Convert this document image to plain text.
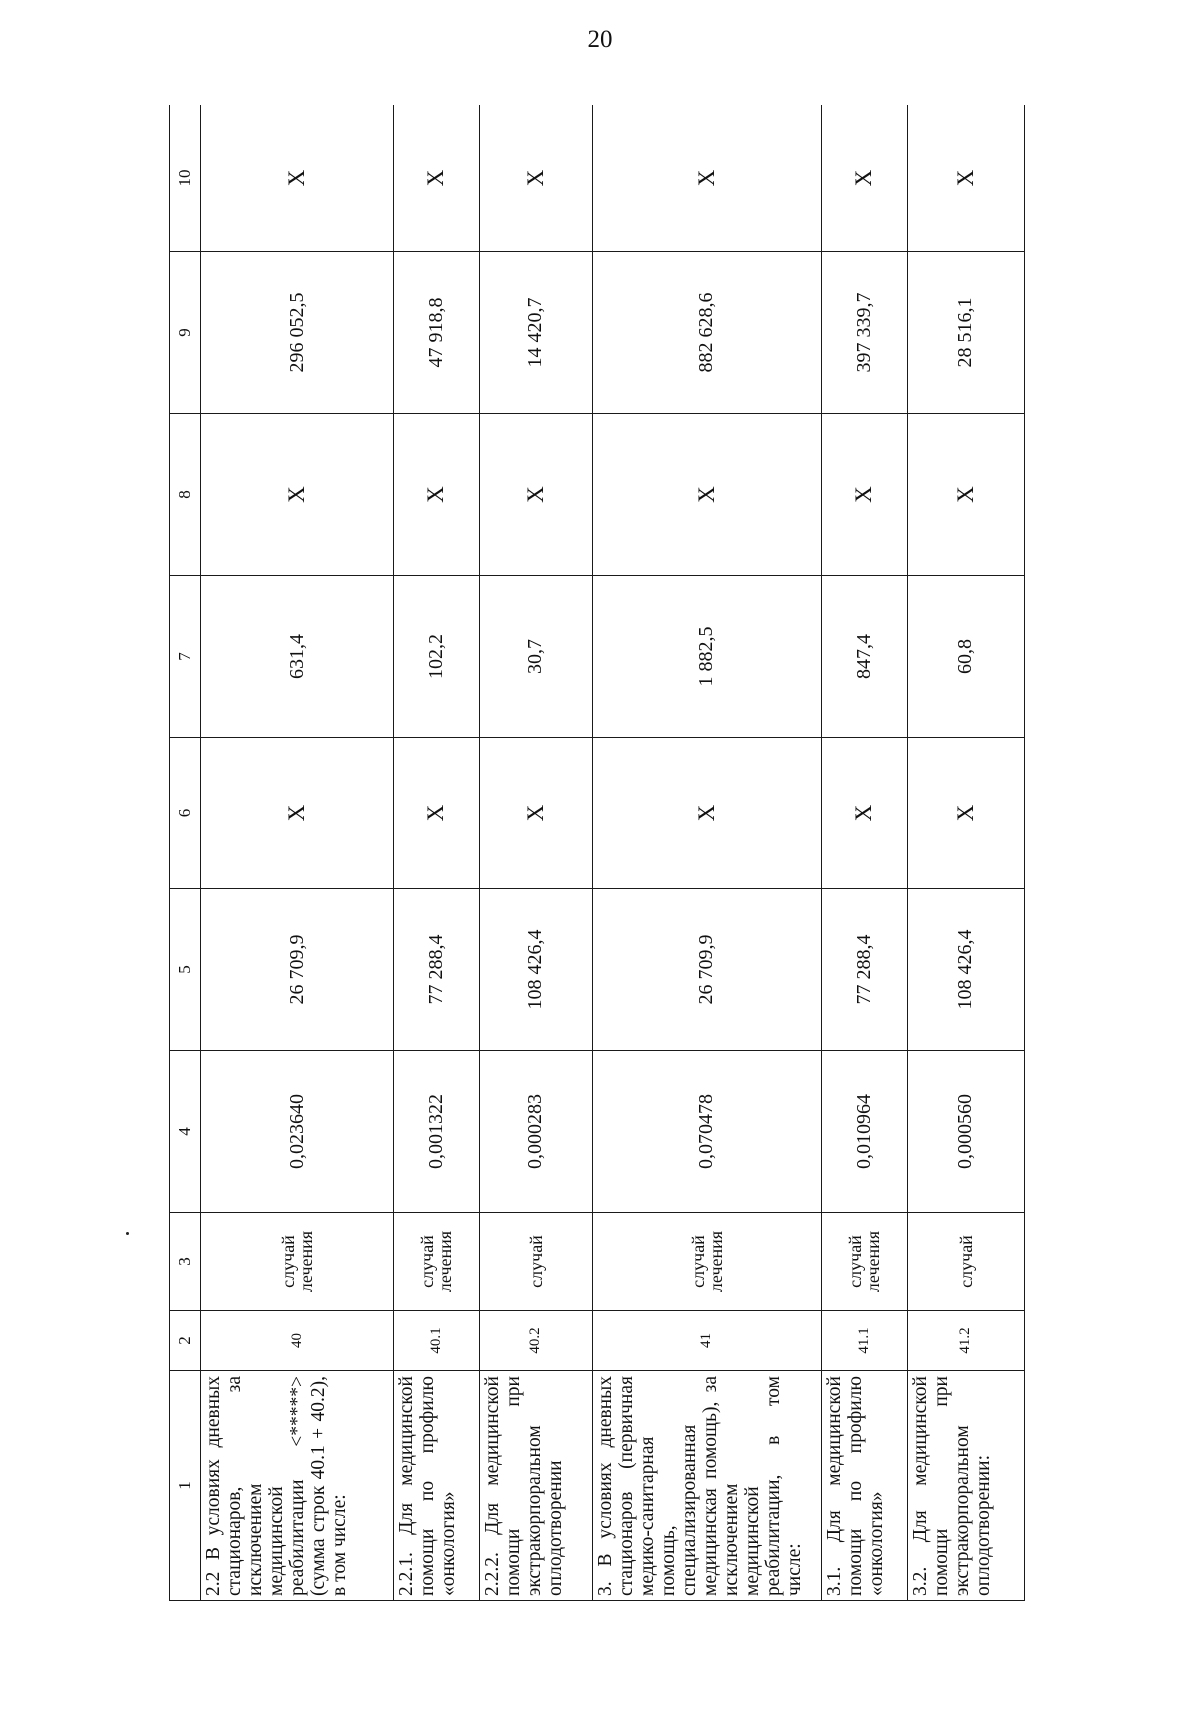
20
1	2	3	4	5	6	7	8	9	10
2.2 В условиях дневных стационаров, за исключением медицинской реабилитации <*****> (сумма строк 40.1 + 40.2), в том числе:	40	случай лечения	0,023640	26 709,9	X	631,4	X	296 052,5	X
2.2.1. Для медицинской помощи по профилю «онкология»	40.1	случай лечения	0,001322	77 288,4	X	102,2	X	47 918,8	X
2.2.2. Для медицинской помощи при экстракорпоральном оплодотворении	40.2	случай	0,000283	108 426,4	X	30,7	X	14 420,7	X
3. В условиях дневных стационаров (первичная медико-санитарная помощь, специализированная медицинская помощь), за исключением медицинской реабилитации, в том числе:	41	случай лечения	0,070478	26 709,9	X	1 882,5	X	882 628,6	X
3.1. Для медицинской помощи по профилю «онкология»	41.1	случай лечения	0,010964	77 288,4	X	847,4	X	397 339,7	X
3.2. Для медицинской помощи при экстракорпоральном оплодотворении:	41.2	случай	0,000560	108 426,4	X	60,8	X	28 516,1	X
